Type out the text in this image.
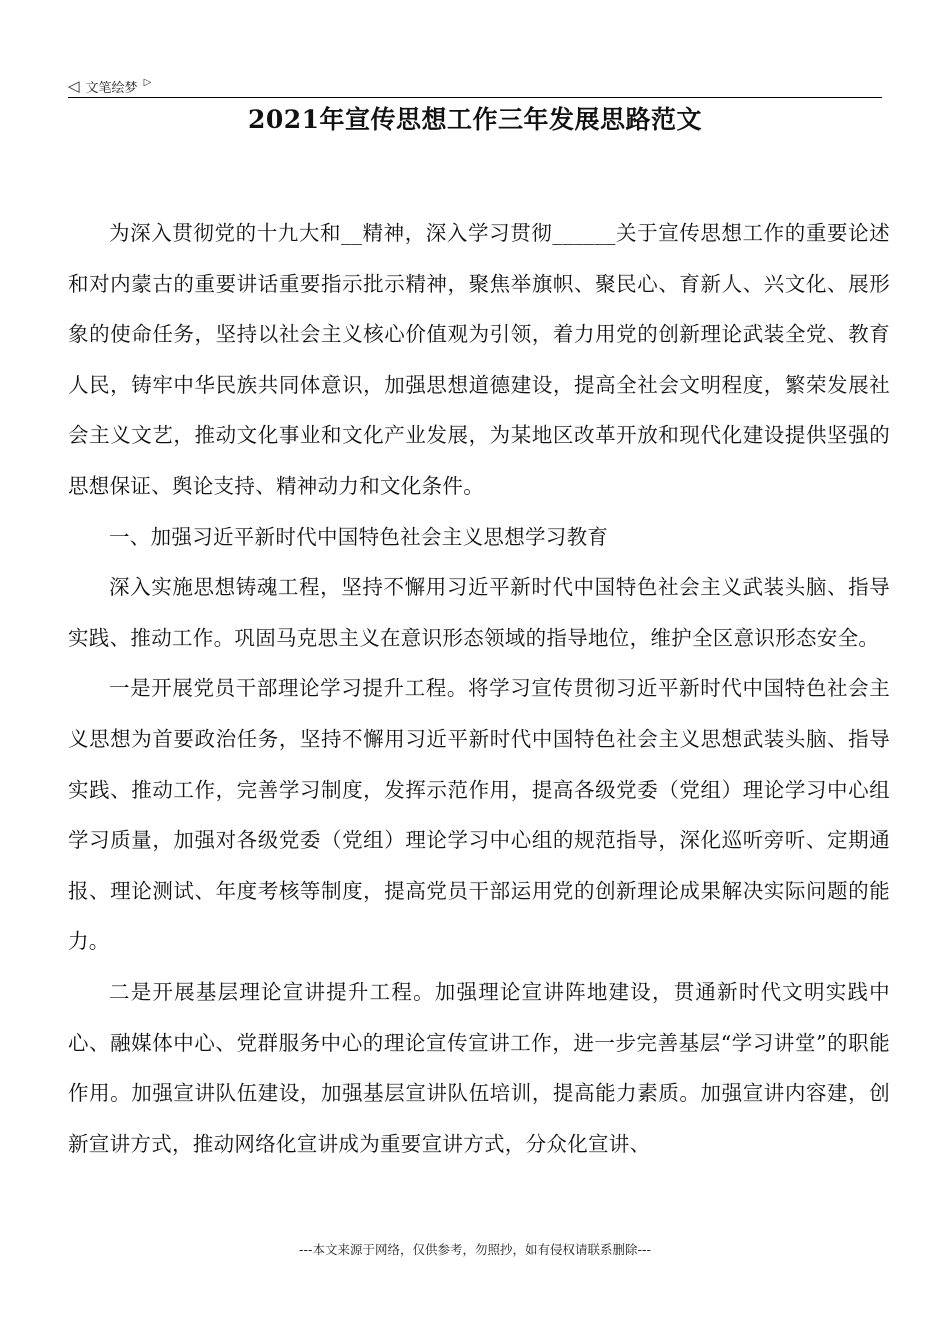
◁ 文笔绘梦 ▷
2021年宣传思想工作三年发展思路范文

为深入贯彻党的十九大和__精神，深入学习贯彻______关于宣传思想工作的重要论述和对内蒙古的重要讲话重要指示批示精神，聚焦举旗帜、聚民心、育新人、兴文化、展形象的使命任务，坚持以社会主义核心价值观为引领，着力用党的创新理论武装全党、教育人民，铸牢中华民族共同体意识，加强思想道德建设，提高全社会文明程度，繁荣发展社会主义文艺，推动文化事业和文化产业发展，为某地区改革开放和现代化建设提供坚强的思想保证、舆论支持、精神动力和文化条件。

一、加强习近平新时代中国特色社会主义思想学习教育

深入实施思想铸魂工程，坚持不懈用习近平新时代中国特色社会主义武装头脑、指导实践、推动工作。巩固马克思主义在意识形态领域的指导地位，维护全区意识形态安全。

一是开展党员干部理论学习提升工程。将学习宣传贯彻习近平新时代中国特色社会主义思想为首要政治任务，坚持不懈用习近平新时代中国特色社会主义思想武装头脑、指导实践、推动工作，完善学习制度，发挥示范作用，提高各级党委（党组）理论学习中心组学习质量，加强对各级党委（党组）理论学习中心组的规范指导，深化巡听旁听、定期通报、理论测试、年度考核等制度，提高党员干部运用党的创新理论成果解决实际问题的能力。

二是开展基层理论宣讲提升工程。加强理论宣讲阵地建设，贯通新时代文明实践中心、融媒体中心、党群服务中心的理论宣传宣讲工作，进一步完善基层“学习讲堂”的职能作用。加强宣讲队伍建设，加强基层宣讲队伍培训，提高能力素质。加强宣讲内容建，创新宣讲方式，推动网络化宣讲成为重要宣讲方式，分众化宣讲、

---本文来源于网络，仅供参考，勿照抄，如有侵权请联系删除---
